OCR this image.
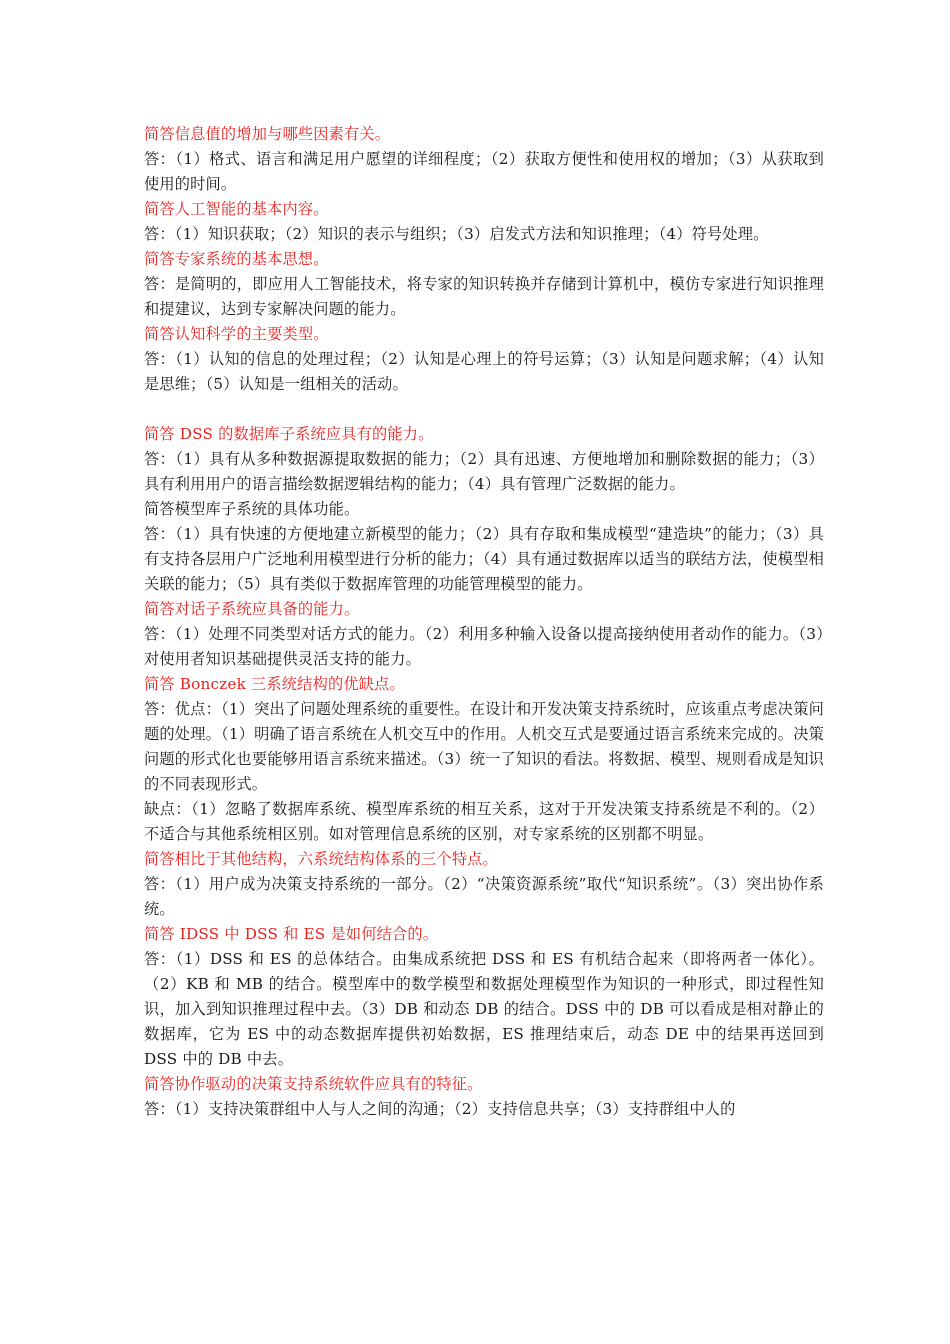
简答信息值的增加与哪些因素有关。

答：（1）格式、语言和满足用户愿望的详细程度；（2）获取方便性和使用权的增加；（3）从获取到使用的时间。

简答人工智能的基本内容。

答：（1）知识获取；（2）知识的表示与组织；（3）启发式方法和知识推理；（4）符号处理。

简答专家系统的基本思想。

答：是简明的，即应用人工智能技术，将专家的知识转换并存储到计算机中，模仿专家进行知识推理和提建议，达到专家解决问题的能力。

简答认知科学的主要类型。

答：（1）认知的信息的处理过程；（2）认知是心理上的符号运算；（3）认知是问题求解；（4）认知是思维；（5）认知是一组相关的活动。

简答 DSS 的数据库子系统应具有的能力。

答：（1）具有从多种数据源提取数据的能力；（2）具有迅速、方便地增加和删除数据的能力；（3）具有利用用户的语言描绘数据逻辑结构的能力；（4）具有管理广泛数据的能力。

简答模型库子系统的具体功能。

答：（1）具有快速的方便地建立新模型的能力；（2）具有存取和集成模型“建造块”的能力；（3）具有支持各层用户广泛地利用模型进行分析的能力；（4）具有通过数据库以适当的联结方法，使模型相关联的能力；（5）具有类似于数据库管理的功能管理模型的能力。

简答对话子系统应具备的能力。

答：（1）处理不同类型对话方式的能力。（2）利用多种输入设备以提高接纳使用者动作的能力。（3）对使用者知识基础提供灵活支持的能力。

简答 Bonczek 三系统结构的优缺点。

答：优点：（1）突出了问题处理系统的重要性。在设计和开发决策支持系统时，应该重点考虑决策问题的处理。（1）明确了语言系统在人机交互中的作用。人机交互式是要通过语言系统来完成的。决策问题的形式化也要能够用语言系统来描述。（3）统一了知识的看法。将数据、模型、规则看成是知识的不同表现形式。

缺点：（1）忽略了数据库系统、模型库系统的相互关系，这对于开发决策支持系统是不利的。（2）不适合与其他系统相区别。如对管理信息系统的区别，对专家系统的区别都不明显。

简答相比于其他结构，六系统结构体系的三个特点。

答：（1）用户成为决策支持系统的一部分。（2）“决策资源系统”取代“知识系统”。（3）突出协作系统。

简答 IDSS 中 DSS 和 ES 是如何结合的。

答：（1）DSS 和 ES 的总体结合。由集成系统把 DSS 和 ES 有机结合起来（即将两者一体化）。（2）KB 和 MB 的结合。模型库中的数学模型和数据处理模型作为知识的一种形式，即过程性知识，加入到知识推理过程中去。（3）DB 和动态 DB 的结合。DSS 中的 DB 可以看成是相对静止的数据库，它为 ES 中的动态数据库提供初始数据，ES 推理结束后，动态 DE 中的结果再送回到 DSS 中的 DB 中去。

简答协作驱动的决策支持系统软件应具有的特征。

答：（1）支持决策群组中人与人之间的沟通；（2）支持信息共享；（3）支持群组中人的
